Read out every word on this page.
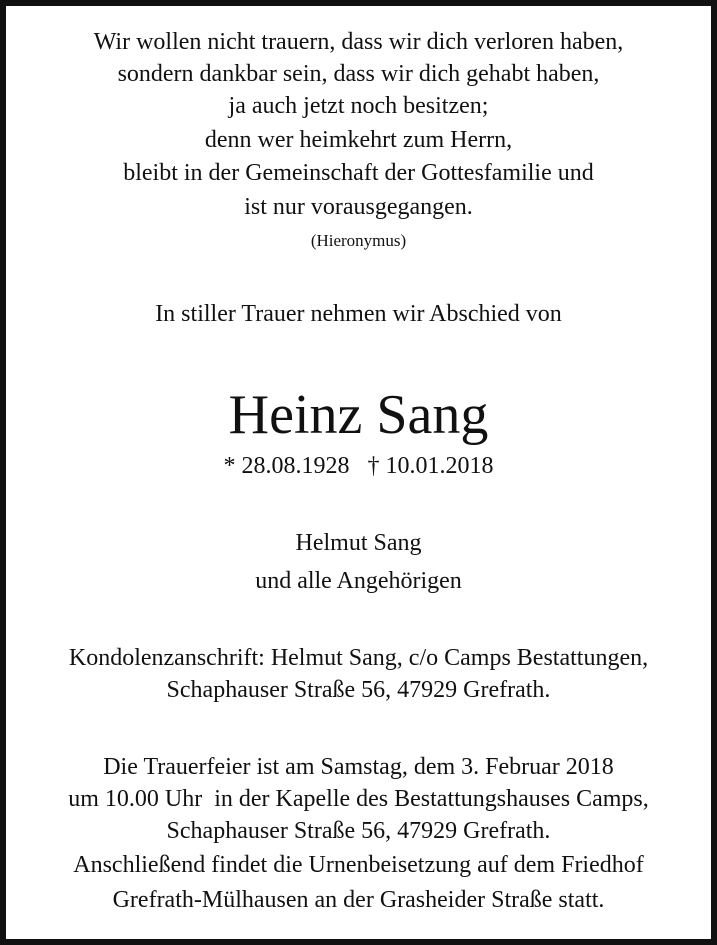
Wir wollen nicht trauern, dass wir dich verloren haben,
sondern dankbar sein, dass wir dich gehabt haben,
ja auch jetzt noch besitzen;
denn wer heimkehrt zum Herrn,
bleibt in der Gemeinschaft der Gottesfamilie und
ist nur vorausgegangen.
(Hieronymus)
In stiller Trauer nehmen wir Abschied von
Heinz Sang
* 28.08.1928   † 10.01.2018
Helmut Sang
und alle Angehörigen
Kondolenzanschrift: Helmut Sang, c/o Camps Bestattungen,
Schaphauser Straße 56, 47929 Grefrath.
Die Trauerfeier ist am Samstag, dem 3. Februar 2018
um 10.00 Uhr  in der Kapelle des Bestattungshauses Camps,
Schaphauser Straße 56, 47929 Grefrath.
Anschließend findet die Urnenbeisetzung auf dem Friedhof
Grefrath-Mülhausen an der Grasheider Straße statt.
